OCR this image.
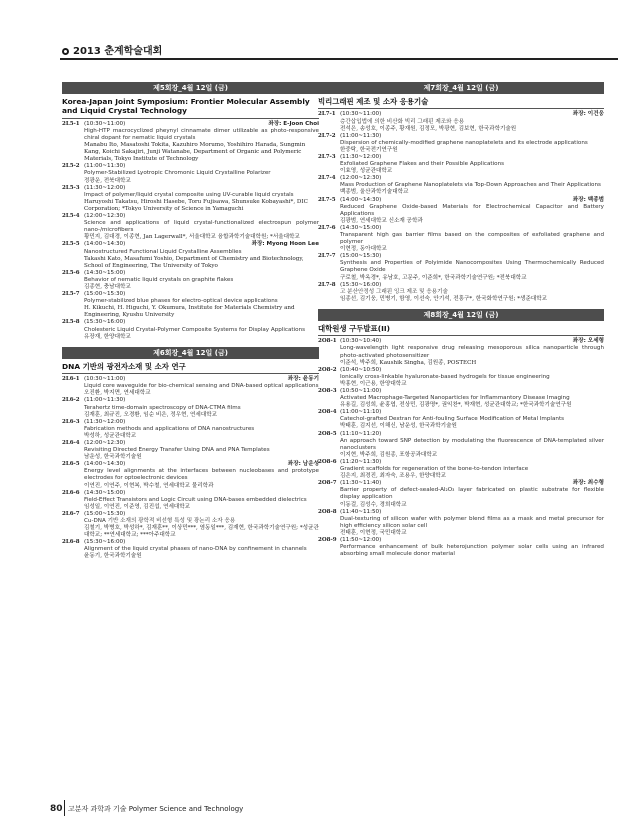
2013 춘계학술대회
제5회장_4월 12일 (금)
Korea-Japan Joint Symposium: Frontier Molecular Assembly and Liquid Crystal Technology
2L5-1 (10:30~11:00)	좌장: E-Joon Choi
High-HTP macrocyclized pheynyl cinnamate dimer utilizable as photo-responsive chiral dopant for nematic liquid crystals
Manabu Ito, Masatoshi Tokita, Kazuhiro Morumo, Yoshihiro Harada, Sungmin Kang, Koichi Sakajiri, Junji Watanabe, Department of Organic and Polymeric Materials, Tokyo Institute of Technology
2L5-2 (11:00~11:30)
Polymer-Stabilized Lyotropic Chromonic Liquid Crystalline Polarizer
정광운, 전북대학교
2L5-3 (11:30~12:00)
Impact of polymer/liquid crystal composite using UV-curable liquid crystals
Haruyoshi Takatsu, Hiroshi Hasebe, Toru Fujisawa, Shunsuke Kobayashi*, DIC Corporation; *Tokyo University of Science in Yamaguchi
2L5-4 (12:00~12:30)
Science and applications of liquid crystal-functionalized electrospun polymer nano-/microfibers
황민지, 김대경, 이종현, Jan Lagerwall*, 서울대학교 융합과학기술대학원; *서울대학교
2L5-5 (14:00~14:30)	좌장: Myong Hoon Lee
Nanostructured Functional Liquid Crystalline Assemblies
Takashi Kato, Masafumi Yoshio, Department of Chemistry and Biotechnology, School of Engineering, The University of Tokyo
2L5-6 (14:30~15:00)
Behavior of nematic liquid crystals on graphite flakes
김종현, 충남대학교
2L5-7 (15:00~15:30)
Polymer-stabilized blue phases for electro-optical device applications
H. Kikuchi, H. Higuchi, Y. Okumura, Institute for Materials Chemistry and Engineering, Kyushu University
2L5-8 (15:30~16:00)
Cholesteric Liquid Crystal-Polymer Composite Systems for Display Applications
유장재, 한양대학교
제6회장_4월 12일 (금)
DNA 기반의 광전자소재 및 소자 연구
2L6-1 (10:30~11:00)	좌장: 윤동기
Liquid core waveguide for bio-chemical sensing and DNA-based optical applications
오진환, 박지면, 연세대학교
2L6-2 (11:00~11:30)
Terahertz time-domain spectroscopy of DNA-CTMA films
김재훈, 최규진, 오경환, 임순 비은, 정우현, 연세대학교
2L6-3 (11:30~12:00)
Fabrication methods and applications of DNA nanostructures
박성하, 성균관대학교
2L6-4 (12:00~12:30)
Revisiting Directed Energy Transfer Using DNA and PNA Templates
남운성, 한국과학기술원
2L6-5 (14:00~14:30)	좌장: 남운성
Energy level alignments at the interfaces between nucleobases and prototype electrodes for optoelectronic devices
이연진, 이연주, 이현복, 박수철, 연세대학교 물리학과
2L6-6 (14:30~15:00)
Field-Effect Transistors and Logic Circuit using DNA-bases embedded dielectrics
임성일, 이연진, 이준영, 김진섭, 연세대학교
2L6-7 (15:00~15:30)
Cu-DNA 기반 소재의 광학적 비선형 특성 및 광논리 소자 응용
김철기, 박병호, 박성하*, 김재훈**, 이상민***, 염동일***, 김재현, 한국과학기술연구원; *성균관대학교; **연세대학교; ***아주대학교
2L6-8 (15:30~16:00)
Alignment of the liquid crystal phases of nano-DNA by confinement in channels
윤동기, 한국과학기술원
제7회장_4월 12일 (금)
빅리그래핀 제조 및 소자 응용기술
2L7-1 (10:30~11:00)	좌장: 이건웅
층간삽입법에 의한 비산화 빅리 그래핀 제조와 응용
전석은, 송성호, 이종주, 황재원, 김정모, 박광현, 김보현, 한국과학기술원
2L7-2 (11:00~11:30)
Dispersion of chemically-modified graphene nanoplatelets and its electrode applications
한중탁, 한국전기연구원
2L7-3 (11:30~12:00)
Exfoliated Graphene Flakes and their Possible Applications
이효영, 성균관대학교
2L7-4 (12:00~12:30)
Mass Production of Graphene Nanoplatelets via Top-Down Approaches and Their Applications
백종범, 울산과학기술대학교
2L7-5 (14:00~14:30)	좌장: 백종범
Reduced Graphene Oxide-based Materials for Electrochemical Capacitor and Battery Applications
김광범, 연세대학교 신소재 공학과
2L7-6 (14:30~15:00)
Transparent high gas barrier films based on the composites of exfoliated graphene and polymer
이현정, 동아대학교
2L7-7 (15:00~15:30)
Synthesis and Properties of Polyimide Nanocomposites Using Thermochemically Reduced Graphene Oxide
구로철, 박옥경*, 유남호, 고문주, 이준희*, 한국과학기술연구원; *전북대학교
2L7-8 (15:30~16:00)
고 분산안정성 그래핀 잉크 제조 및 응용기술
임종선, 김기웅, 민병기, 함영, 이선숙, 안기석, 전흥구*, 한국화학연구원; *생준대학교
제8회장_4월 12일 (금)
대학원생 구두발표(II)
2O8-1 (10:30~10:40)	좌장: 오세형
Long-wavelength light responsive drug releasing mesoporous silica nanoparticle through photo-activated photosensitizer
이준석, 박주희, Kaushik Singha, 김원종, POSTECH
2O8-2 (10:40~10:50)
Ionically cross-linkable hyaluronate-based hydrogels for tissue engineering
박홍현, 이근용, 한양대학교
2O8-3 (10:50~11:00)
Activated Macrophage-Targeted Nanoparticles for Inflammantory Disease Imaging
유용길, 김성희, 윤홍엽, 전상민, 김광명*, 권익찬*, 박재현, 성균관대학교; *한국과학기술연구원
2O8-4 (11:00~11:10)
Catechol-grafted Dextran for Anti-fouling Surface Modification of Metal Implants
박태훈, 김지선, 이해신, 남운성, 한국과학기술원
2O8-5 (11:10~11:20)
An approach toward SNP detection by modulating the fluorescence of DNA-templated silver nanoclusters
이지현, 박주희, 김원종, 포항공과대학교
2O8-6 (11:20~11:30)
Gradient scaffolds for regeneration of the bone-to-tendon interface
김은지, 최경진, 최자숙, 조용우, 한양대학교
2O8-7 (11:30~11:40)	좌장: 최수형
Barrier property of defect-sealed-Al₂O₃ layer fabricated on plastic substrate for flexible display application
이동걸, 김성수, 경희대학교
2O8-8 (11:40~11:50)
Dual-texturing of silicon wafer with polymer blend films as a mask and metal precursor for high efficiency silicon solar cell
전태훈, 이현정, 국민대학교
2O8-9 (11:50~12:00)
Performance enhancement of bulk heterojunction polymer solar cells using an infrared absorbing small molecule donor material
80 고분자 과학과 기술 Polymer Science and Technology
